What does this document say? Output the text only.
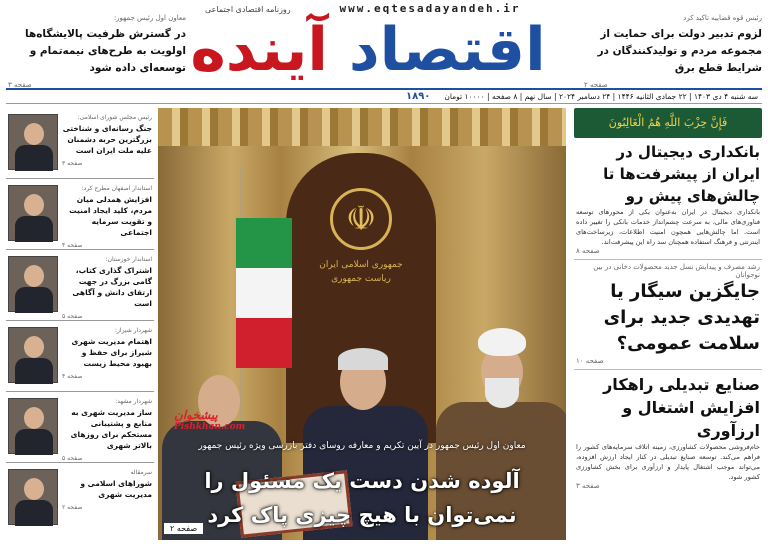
www.eqtesadayandeh.ir
روزنامه اقتصادی اجتماعی
اقتصاد آینده	رئیس قوه قضاییه تاکید کرد
لزوم تدبیر دولت برای حمایت از مجموعه مردم و تولیدکنندگان در شرایط قطع برق
صفحه ۲
معاون اول رئیس جمهور:
در گسترش ظرفیت پالایشگاه‌ها اولویت به طرح‌های نیمه‌تمام و توسعه‌ای داده شود
صفحه ۳
سه شنبه ۴ دی ۱۴۰۳ | ۲۲ جمادی الثانیه ۱۴۴۶ | ۲۴ دسامبر ۲۰۲۴ | سال نهم | ۸ صفحه | ۱۰۰۰۰ تومان
۱۸۹۰
فَإِنَّ حِزْبَ اللَّهِ هُمُ الْغَالِبُونَ
بانکداری دیجیتال در ایران از پیشرفت‌ها تا چالش‌های پیش رو
بانکداری دیجیتال در ایران به‌عنوان یکی از محورهای توسعه فناوری‌های مالی، به سرعت چشم‌انداز خدمات بانکی را تغییر داده است. اما چالش‌هایی همچون امنیت اطلاعات، زیرساخت‌های اینترنتی و فرهنگ استفاده همچنان سد راه این پیشرفت‌اند.
صفحه ۸
رشد مصرف و پیدایش نسل جدید محصولات دخانی در بین نوجوانان
جایگزین سیگار یا تهدیدی جدید برای سلامت عمومی؟
صفحه ۱۰
صنایع تبدیلی راهکار افزایش اشتغال و ارزآوری
خام‌فروشی محصولات کشاورزی، زمینه اتلاف سرمایه‌های کشور را فراهم می‌کند. توسعه صنایع تبدیلی در کنار ایجاد ارزش افزوده، می‌تواند موجب اشتغال پایدار و ارزآوری برای بخش کشاورزی کشور شود.
صفحه ۳
رئیس مجلس شورای اسلامی:
جنگ رسانه‌ای و شناختی بزرگترین حربه دشمنان علیه ملت ایران است
صفحه ۳
استاندار اصفهان مطرح کرد:
افزایش همدلی میان مردم، کلید ایجاد امنیت و تقویت سرمایه اجتماعی
صفحه ۴
استاندار خوزستان:
اشتراک گذاری کتاب، گامی بزرگ در جهت ارتقای دانش و آگاهی است
صفحه ۵
شهردار شیراز:
اهتمام مدیریت شهری شیراز برای حفظ و بهبود محیط زیست
صفحه ۴
شهردار مشهد:
ساز مدیریت شهری به منابع و پشتیبانی مستحکم برای روزهای بالاتر شهری
صفحه ۵
سرمقاله
شوراهای اسلامی و مدیریت شهری
صفحه ۲
☫
جمهوری اسلامی ایران ریاست جمهوری
پیشخوان
Pishkhan.com
معاون اول رئیس جمهور در آیین تکریم و معارفه روسای دفتر بازرسی ویژه رئیس جمهور
آلوده شدن دست یک مسئول را
نمی‌توان با هیچ چیزی پاک کرد
صفحه ۲
